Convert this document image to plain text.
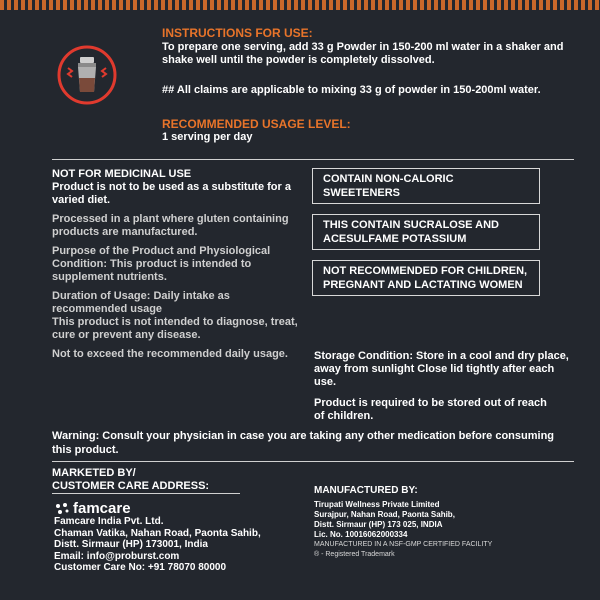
INSTRUCTIONS FOR USE:
To prepare one serving, add 33 g Powder in 150-200 ml water in a shaker and shake well until the powder is completely dissolved.
## All claims are applicable to mixing 33 g of powder in 150-200ml water.
RECOMMENDED USAGE LEVEL:
1 serving per day
NOT FOR MEDICINAL USE
Product is not to be used as a substitute for a varied diet.
Processed in a plant where gluten containing products are manufactured.
Purpose of the Product and Physiological Condition: This product is intended to supplement nutrients.
Duration of Usage: Daily intake as recommended usage
This product is not intended to diagnose, treat, cure or prevent any disease.
Not to exceed the recommended daily usage.
CONTAIN NON-CALORIC SWEETENERS
THIS CONTAIN SUCRALOSE AND ACESULFAME POTASSIUM
NOT RECOMMENDED FOR CHILDREN, PREGNANT AND LACTATING WOMEN
Storage Condition: Store in a cool and dry place, away from sunlight Close lid tightly after each use.
Product is required to be stored out of reach of children.
Warning: Consult your physician in case you are taking any other medication before consuming this product.
MARKETED BY/
CUSTOMER CARE ADDRESS:
famcare
Famcare India Pvt. Ltd.
Chaman Vatika, Nahan Road, Paonta Sahib,
Distt. Sirmaur (HP) 173001, India
Email: info@proburst.com
Customer Care No: +91 78070 80000
MANUFACTURED BY:
Tirupati Wellness Private Limited
Surajpur, Nahan Road, Paonta Sahib,
Distt. Sirmaur (HP) 173 025, INDIA
Lic. No. 10016062000334
MANUFACTURED IN A NSF-GMP CERTIFIED FACILITY
® - Registered Trademark
